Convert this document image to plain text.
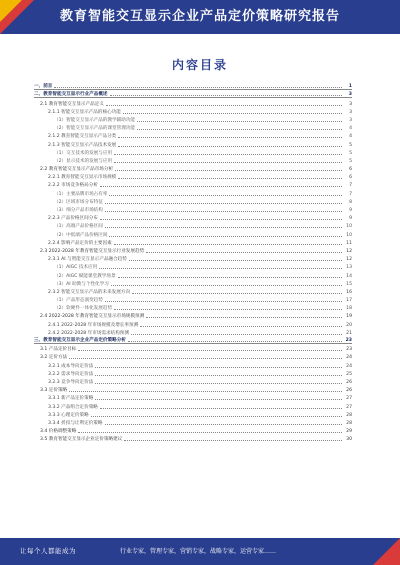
教育智能交互显示企业产品定价策略研究报告
内容目录
一、前言	1
二、教育智能交互显示行业产品概述	3
2.1 教育智能交互显示产品定义	3
2.1.1 智能交互显示产品的核心功能	3
（1）智能交互显示产品的教学辅助功能	3
（2）智能交互显示产品的课堂管理功能	4
2.1.2 教育智能交互显示产品分类	4
2.1.3 智能交互显示产品技术发展	5
（1）交互技术的发展与应用	5
（2）显示技术的发展与应用	5
2.2 教育智能交互显示产品市场分析	6
2.2.1 教育智能交互显示市场规模	6
2.2.2 市场竞争格局分析	7
（1）主要品牌市场占有率	7
（2）区域市场分布特征	8
（3）细分产品市场结构	9
2.2.3 产品价格区间分布	9
（1）高端产品价格区间	10
（2）中低端产品价格区间	10
2.2.4 影响产品定价的主要因素	11
2.3 2022-2028 年教育智能交互显示行业发展趋势	12
2.3.1 AI 与智能交互显示产品融合趋势	12
（1）AIGC 技术应用	13
（2）AIGC 赋能课堂教学场景	14
（3）AI 助教与个性化学习	15
2.3.2 智能交互显示产品的未来发展方向	16
（1）产品形态演变趋势	17
（2）软硬件一体化发展趋势	18
2.4 2022-2028 年教育智能交互显示市场规模预测	19
2.4.1 2022-2028 年市场规模及增长率预测	20
2.4.2 2022-2028 年市场需求结构预测	21
三、教育智能交互显示企业产品定价策略分析	23
3.1 产品定价目标	23
3.2 定价方法	24
3.2.1 成本导向定价法	24
3.2.2 需求导向定价法	25
3.2.3 竞争导向定价法	26
3.3 定价策略	26
3.3.1 新产品定价策略	27
3.3.2 产品组合定价策略	27
3.3.3 心理定价策略	28
3.3.4 折扣与让利定价策略	28
3.4 价格调整策略	29
3.5 教育智能交互显示企业定价策略建议	30
让每个人都能成为	行业专家，管理专家，营销专家，战略专家，运营专家……
